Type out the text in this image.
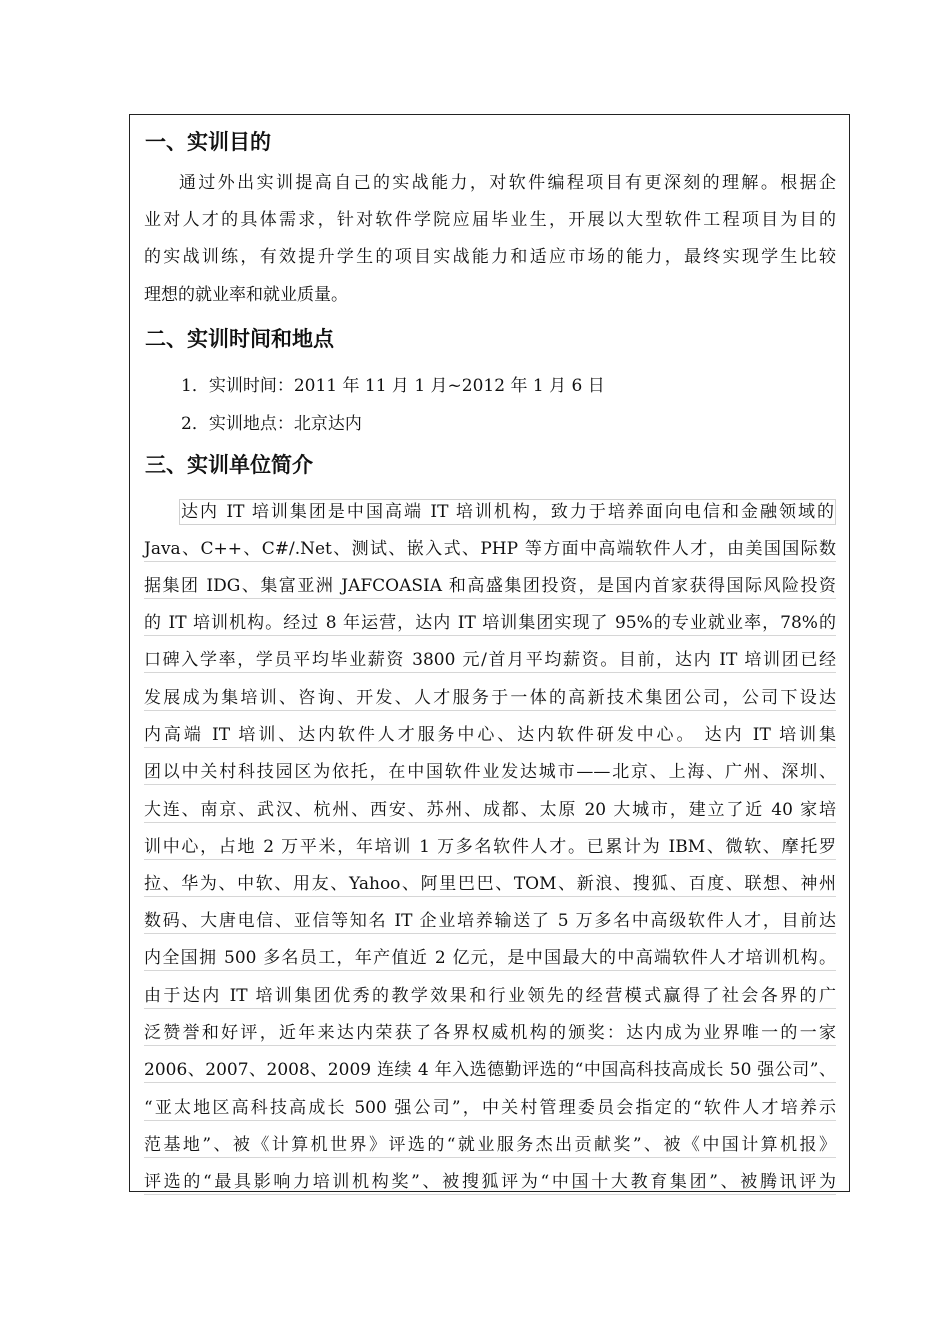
一、实训目的
通过外出实训提高自己的实战能力，对软件编程项目有更深刻的理解。根据企
业对人才的具体需求，针对软件学院应届毕业生，开展以大型软件工程项目为目的
的实战训练，有效提升学生的项目实战能力和适应市场的能力，最终实现学生比较
理想的就业率和就业质量。
二、实训时间和地点
1．实训时间：2011 年 11 月 1 月~2012 年 1 月 6 日
2．实训地点：北京达内
三、实训单位简介
达内 IT 培训集团是中国高端 IT 培训机构，致力于培养面向电信和金融领域的
Java、C++、C#/.Net、测试、嵌入式、PHP 等方面中高端软件人才，由美国国际数
据集团 IDG、集富亚洲 JAFCOASIA 和高盛集团投资，是国内首家获得国际风险投资
的 IT 培训机构。经过 8 年运营，达内 IT 培训集团实现了 95%的专业就业率，78%的
口碑入学率，学员平均毕业薪资 3800 元/首月平均薪资。目前，达内 IT 培训团已经
发展成为集培训、咨询、开发、人才服务于一体的高新技术集团公司，公司下设达
内高端 IT 培训、达内软件人才服务中心、达内软件研发中心。 达内 IT 培训集
团以中关村科技园区为依托，在中国软件业发达城市——北京、上海、广州、深圳、
大连、南京、武汉、杭州、西安、苏州、成都、太原 20 大城市，建立了近 40 家培
训中心，占地 2 万平米，年培训 1 万多名软件人才。已累计为 IBM、微软、摩托罗
拉、华为、中软、用友、Yahoo、阿里巴巴、TOM、新浪、搜狐、百度、联想、神州
数码、大唐电信、亚信等知名 IT 企业培养输送了 5 万多名中高级软件人才，目前达
内全国拥 500 多名员工，年产值近 2 亿元，是中国最大的中高端软件人才培训机构。
由于达内 IT 培训集团优秀的教学效果和行业领先的经营模式赢得了社会各界的广
泛赞誉和好评，近年来达内荣获了各界权威机构的颁奖：达内成为业界唯一的一家
2006、2007、2008、2009 连续 4 年入选德勤评选的“中国高科技高成长 50 强公司”、
“亚太地区高科技高成长 500 强公司”，中关村管理委员会指定的“软件人才培养示
范基地”、被《计算机世界》评选的“就业服务杰出贡献奖”、被《中国计算机报》
评选的“最具影响力培训机构奖”、被搜狐评为“中国十大教育集团”、被腾讯评为
